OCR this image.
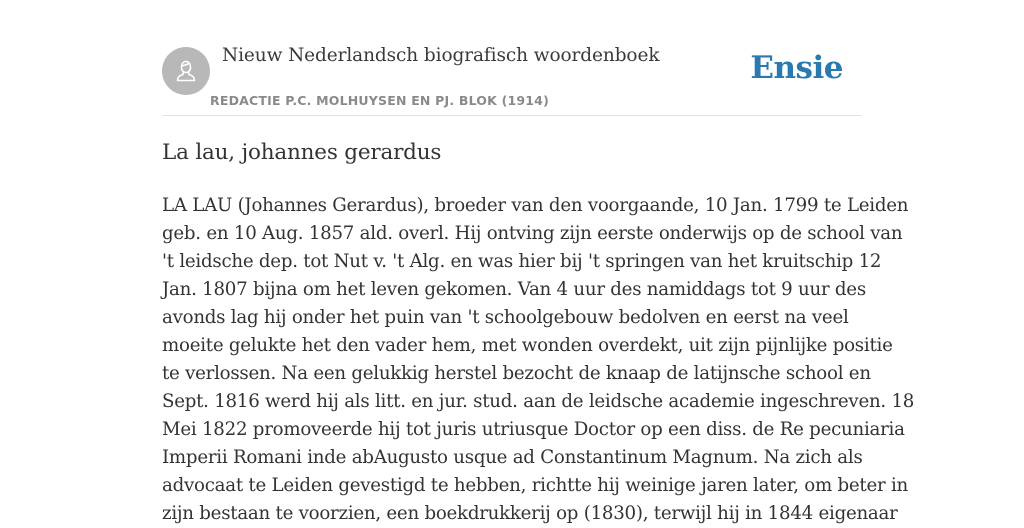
Nieuw Nederlandsch biografisch woordenboek
REDACTIE P.C. MOLHUYSEN EN PJ. BLOK (1914)
Ensie
La lau, johannes gerardus
LA LAU (Johannes Gerardus), broeder van den voorgaande, 10 Jan. 1799 te Leiden
geb. en 10 Aug. 1857 ald. overl. Hij ontving zijn eerste onderwijs op de school van
't leidsche dep. tot Nut v. 't Alg. en was hier bij 't springen van het kruitschip 12
Jan. 1807 bijna om het leven gekomen. Van 4 uur des namiddags tot 9 uur des
avonds lag hij onder het puin van 't schoolgebouw bedolven en eerst na veel
moeite gelukte het den vader hem, met wonden overdekt, uit zijn pijnlijke positie
te verlossen. Na een gelukkig herstel bezocht de knaap de latijnsche school en
Sept. 1816 werd hij als litt. en jur. stud. aan de leidsche academie ingeschreven. 18
Mei 1822 promoveerde hij tot juris utriusque Doctor op een diss. de Re pecuniaria
Imperii Romani inde abAugusto usque ad Constantinum Magnum. Na zich als
advocaat te Leiden gevestigd te hebben, richtte hij weinige jaren later, om beter in
zijn bestaan te voorzien, een boekdrukkerij op (1830), terwijl hij in 1844 eigenaar
